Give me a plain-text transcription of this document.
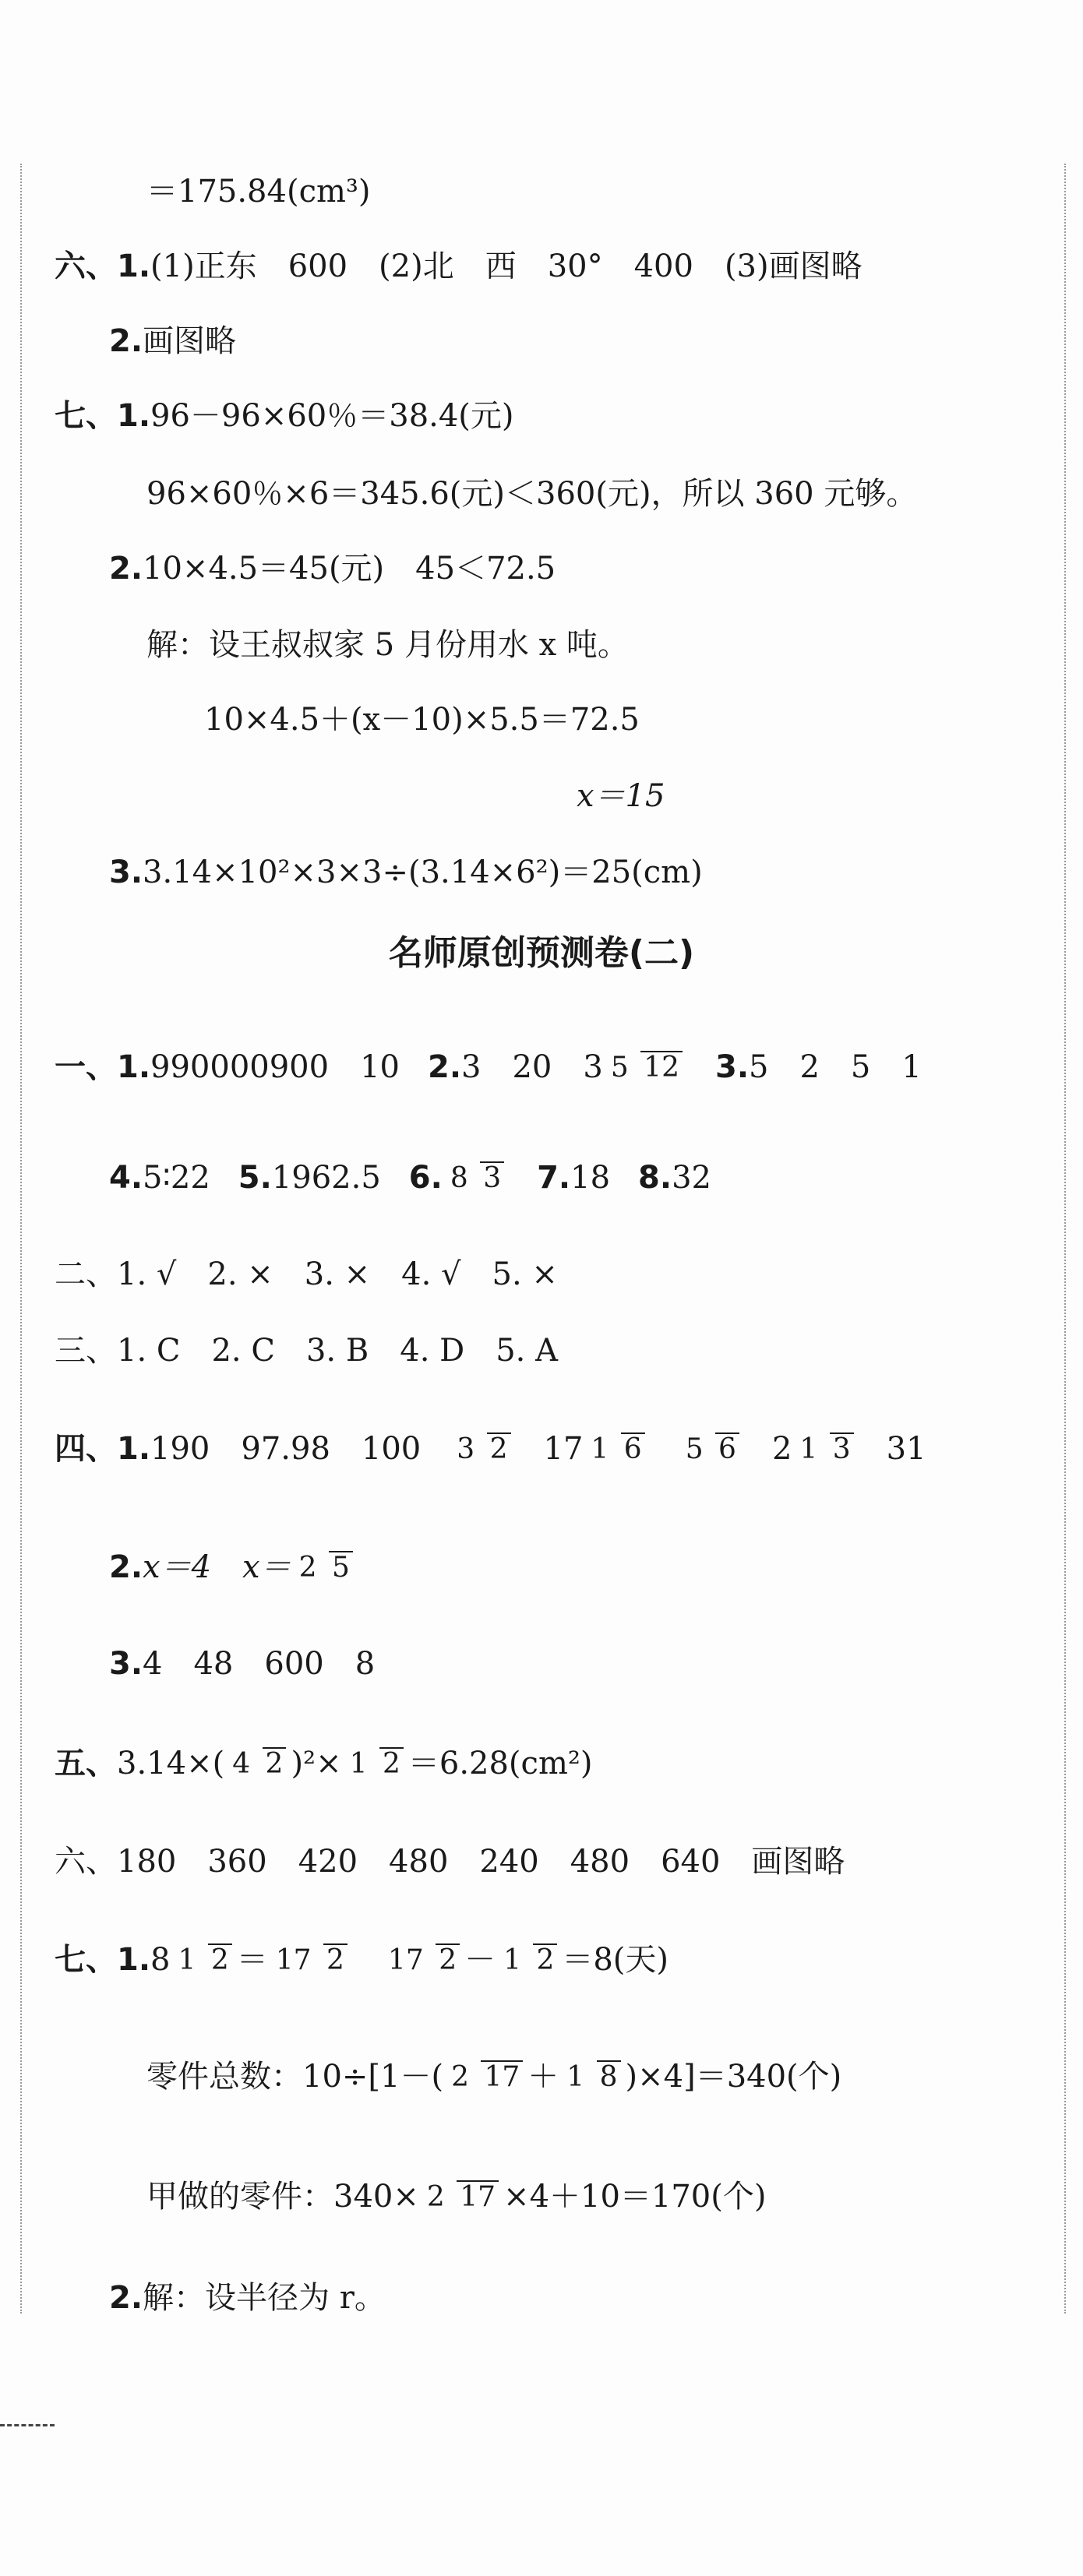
＝175.84(cm³)
六、1. (1)正东　600　(2)北　西　30°　400　(3)画图略
2. 画图略
七、1. 96－96×60％＝38.4(元)
96×60％×6＝345.6(元)＜360(元)，所以 360 元够。
2. 10×4.5＝45(元)　45＜72.5
解：设王叔叔家 5 月份用水 x 吨。
10×4.5＋(x－10)×5.5＝72.5
x＝15
3. 3.14×10²×3×3÷(3.14×6²)＝25(cm)
名师原创预测卷(二)
一、1. 990000900　10 2. 3　20　3 5 12 3. 5　2　5　1
4. 5∶22 5. 1962.5 6. 8 3 7. 18 8. 32
二、1. √　2. ×　3. ×　4. √　5. ×
三、1. C　2. C　3. B　4. D　5. A
四、1. 190　97.98　100 3 2 17 1 6 5 6 2 1 3 31
2. x＝4　x＝ 2 5
3. 4　48　600　8
五、 3.14×( 4 2 )²× 1 2 ＝6.28(cm²)
六、180　360　420　480　240　480　640　画图略
七、1. 8 1 2 ＝ 17 2 17 2 － 1 2 ＝8(天)
零件总数：10÷[1－( 2 17 ＋ 1 8 )×4]＝340(个)
甲做的零件：340× 2 17 ×4＋10＝170(个)
2. 解：设半径为 r。
